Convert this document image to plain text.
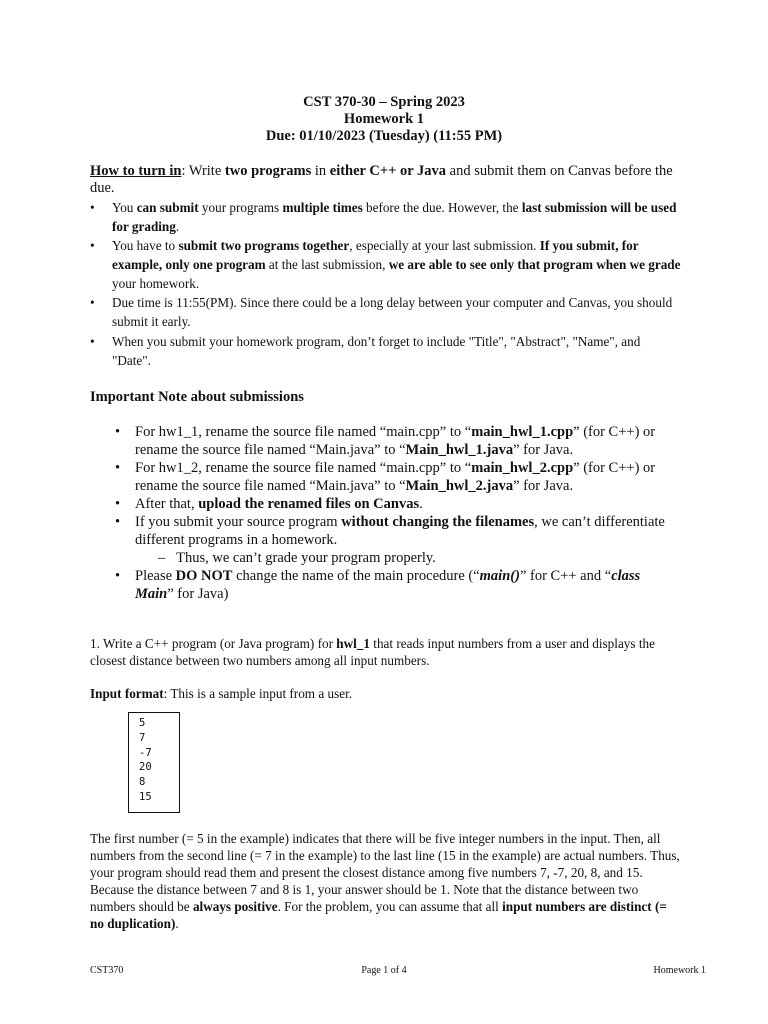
CST 370-30 – Spring 2023
Homework 1
Due: 01/10/2023 (Tuesday) (11:55 PM)
How to turn in: Write two programs in either C++ or Java and submit them on Canvas before the due.
• You can submit your programs multiple times before the due. However, the last submission will be used for grading.
• You have to submit two programs together, especially at your last submission. If you submit, for example, only one program at the last submission, we are able to see only that program when we grade your homework.
• Due time is 11:55(PM). Since there could be a long delay between your computer and Canvas, you should submit it early.
• When you submit your homework program, don’t forget to include "Title", "Abstract", "Name", and "Date".
Important Note about submissions
• For hw1_1, rename the source file named “main.cpp” to “main_hwl_1.cpp” (for C++) or rename the source file named “Main.java” to “Main_hwl_1.java” for Java.
• For hw1_2, rename the source file named “main.cpp” to “main_hwl_2.cpp” (for C++) or rename the source file named “Main.java” to “Main_hwl_2.java” for Java.
• After that, upload the renamed files on Canvas.
• If you submit your source program without changing the filenames, we can’t differentiate different programs in a homework.
– Thus, we can’t grade your program properly.
• Please DO NOT change the name of the main procedure (“main()” for C++ and “class Main” for Java)
1. Write a C++ program (or Java program) for hwl_1 that reads input numbers from a user and displays the closest distance between two numbers among all input numbers.
Input format: This is a sample input from a user.
5
7
-7
20
8
15
The first number (= 5 in the example) indicates that there will be five integer numbers in the input. Then, all numbers from the second line (= 7 in the example) to the last line (15 in the example) are actual numbers. Thus, your program should read them and present the closest distance among five numbers 7, -7, 20, 8, and 15. Because the distance between 7 and 8 is 1, your answer should be 1. Note that the distance between two numbers should be always positive. For the problem, you can assume that all input numbers are distinct (= no duplication).
CST370	Page 1 of 4	Homework 1
